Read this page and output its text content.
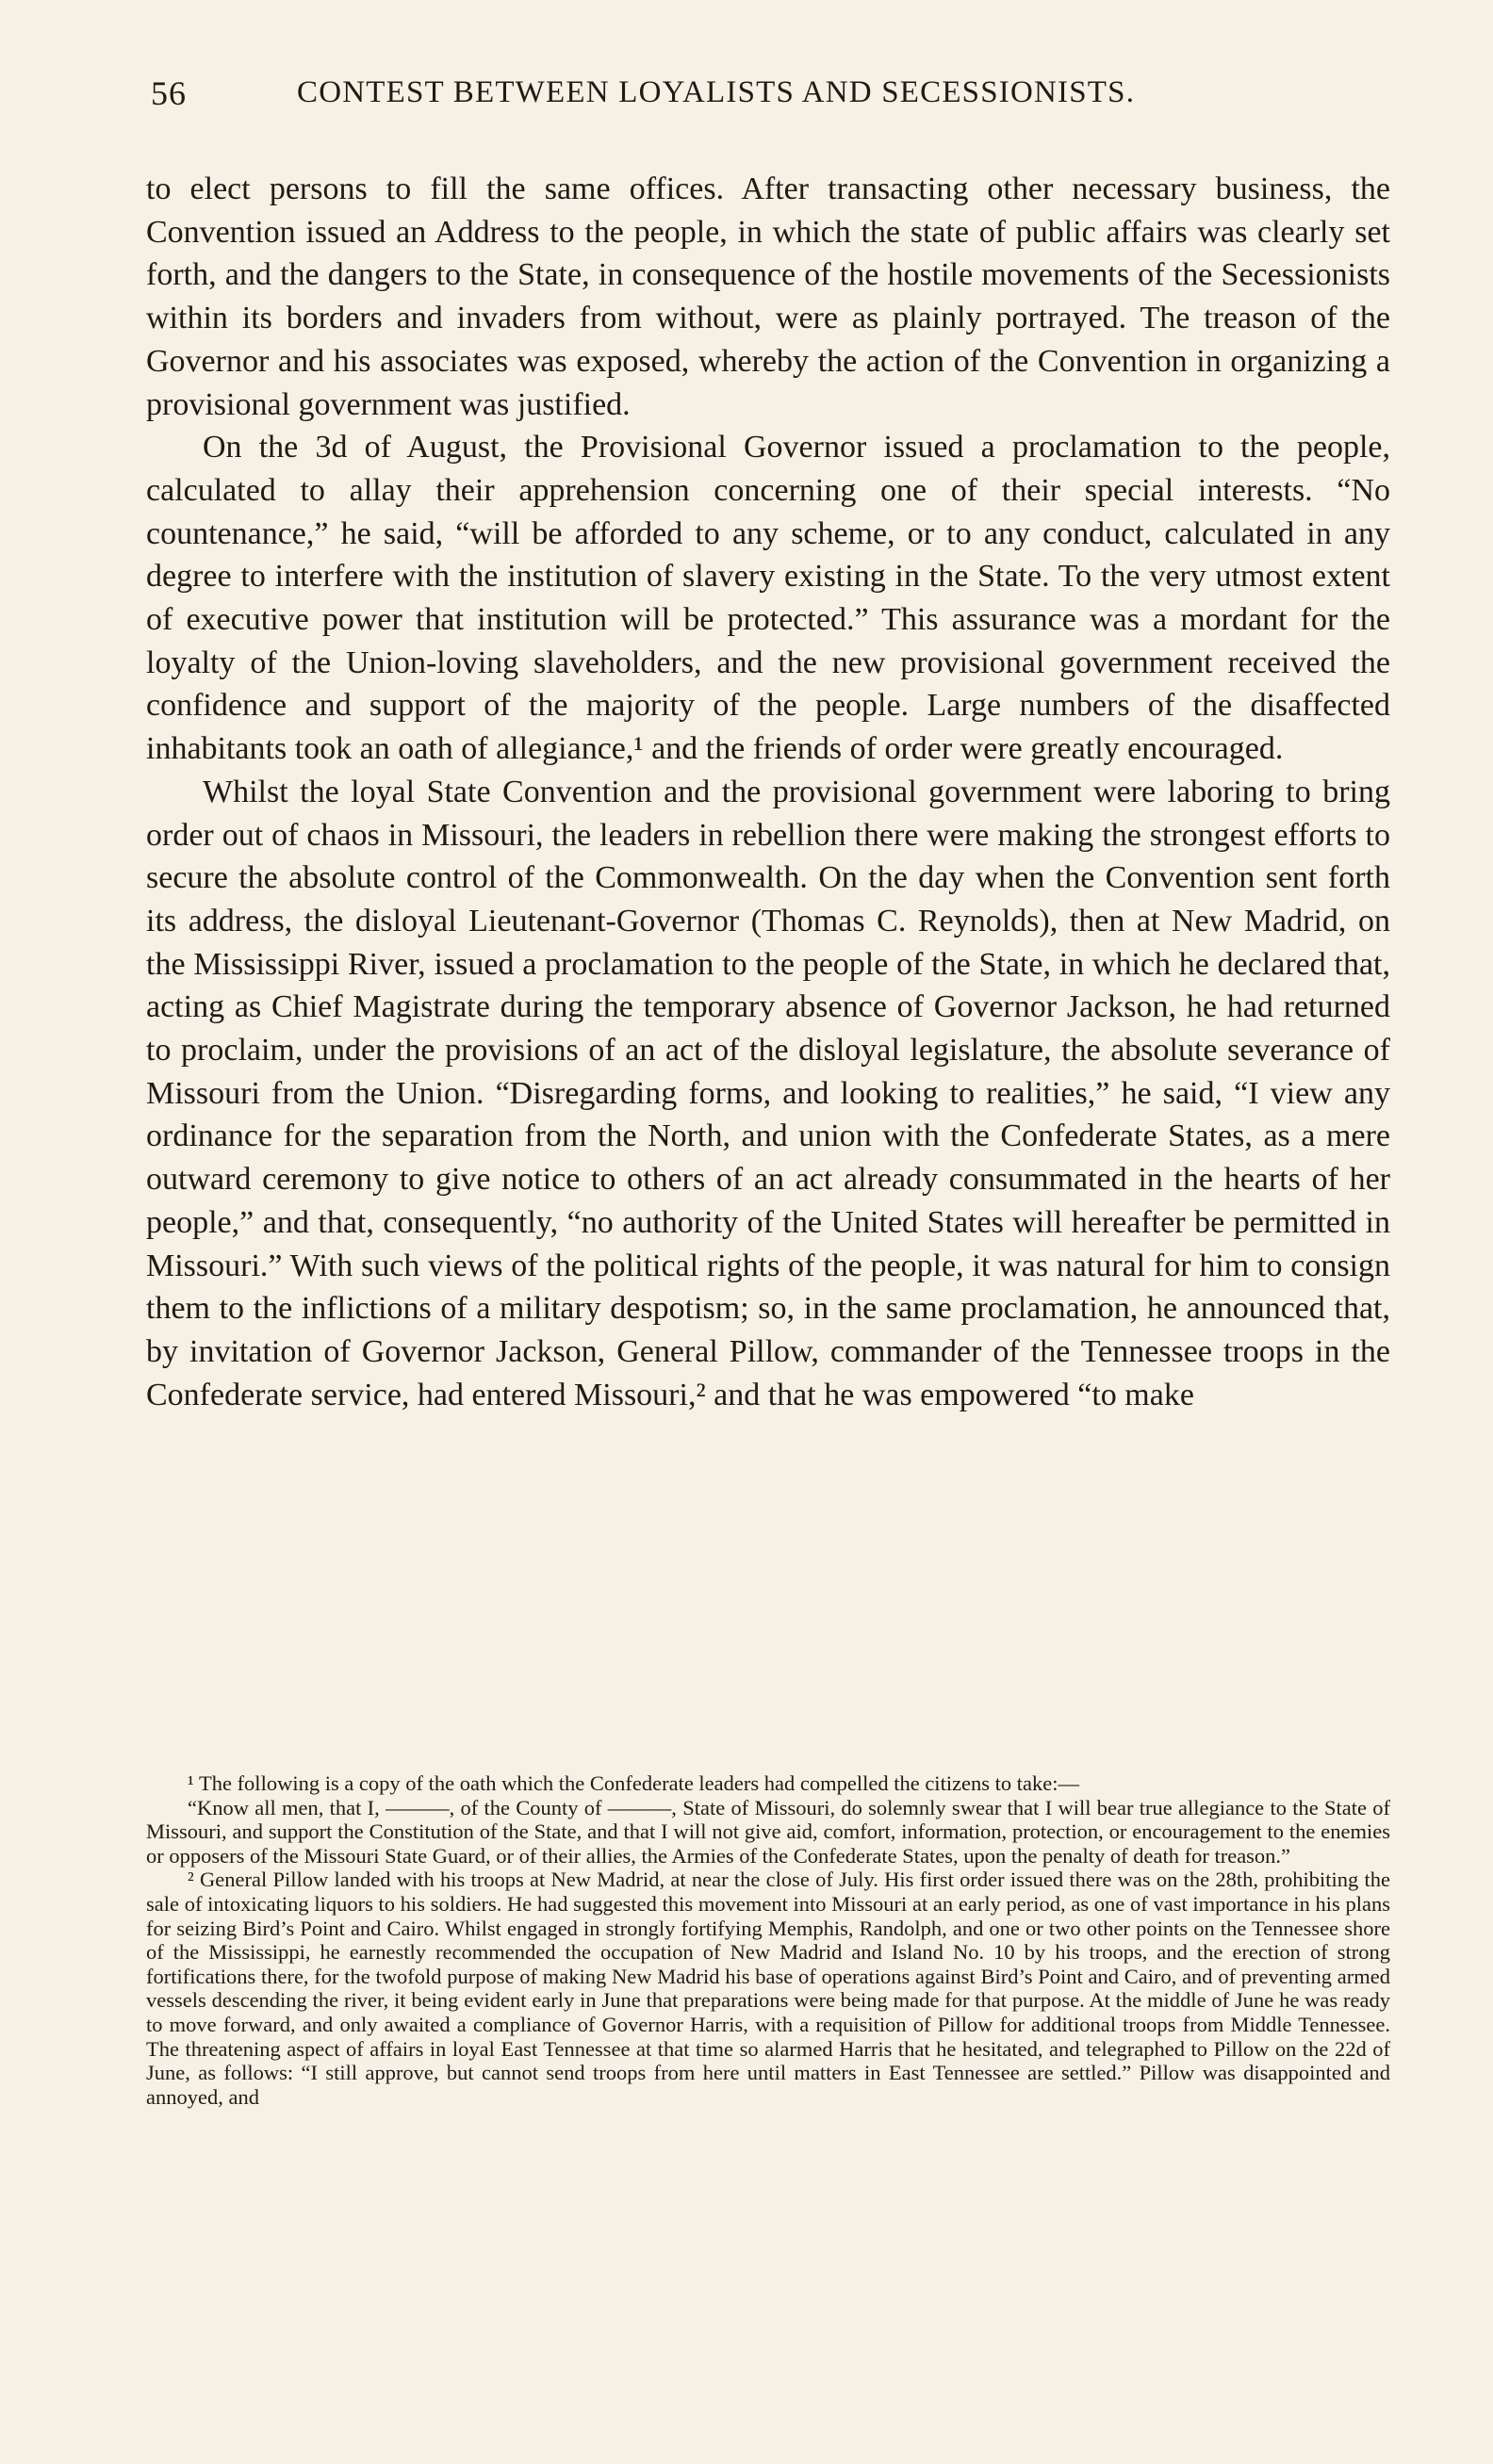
56	CONTEST BETWEEN LOYALISTS AND SECESSIONISTS.

to elect persons to fill the same offices. After transacting other necessary business, the Convention issued an Address to the people, in which the state of public affairs was clearly set forth, and the dangers to the State, in consequence of the hostile movements of the Secessionists within its borders and invaders from without, were as plainly portrayed. The treason of the Governor and his associates was exposed, whereby the action of the Convention in organizing a provisional government was justified.

On the 3d of August, the Provisional Governor issued a proclamation to the people, calculated to allay their apprehension concerning one of their special interests. “No countenance,” he said, “will be afforded to any scheme, or to any conduct, calculated in any degree to interfere with the institution of slavery existing in the State. To the very utmost extent of executive power that institution will be protected.” This assurance was a mordant for the loyalty of the Union-loving slaveholders, and the new provisional government received the confidence and support of the majority of the people. Large numbers of the disaffected inhabitants took an oath of allegiance,¹ and the friends of order were greatly encouraged.

Whilst the loyal State Convention and the provisional government were laboring to bring order out of chaos in Missouri, the leaders in rebellion there were making the strongest efforts to secure the absolute control of the Commonwealth. On the day when the Convention sent forth its address, the disloyal Lieutenant-Governor (Thomas C. Reynolds), then at New Madrid, on the Mississippi River, issued a proclamation to the people of the State, in which he declared that, acting as Chief Magistrate during the temporary absence of Governor Jackson, he had returned to proclaim, under the provisions of an act of the disloyal legislature, the absolute severance of Missouri from the Union. “Disregarding forms, and looking to realities,” he said, “I view any ordinance for the separation from the North, and union with the Confederate States, as a mere outward ceremony to give notice to others of an act already consummated in the hearts of her people,” and that, consequently, “no authority of the United States will hereafter be permitted in Missouri.” With such views of the political rights of the people, it was natural for him to consign them to the inflictions of a military despotism; so, in the same proclamation, he announced that, by invitation of Governor Jackson, General Pillow, commander of the Tennessee troops in the Confederate service, had entered Missouri,² and that he was empowered “to make

¹ The following is a copy of the oath which the Confederate leaders had compelled the citizens to take:—

“Know all men, that I, ———, of the County of ———, State of Missouri, do solemnly swear that I will bear true allegiance to the State of Missouri, and support the Constitution of the State, and that I will not give aid, comfort, information, protection, or encouragement to the enemies or opposers of the Missouri State Guard, or of their allies, the Armies of the Confederate States, upon the penalty of death for treason.”

² General Pillow landed with his troops at New Madrid, at near the close of July. His first order issued there was on the 28th, prohibiting the sale of intoxicating liquors to his soldiers. He had suggested this movement into Missouri at an early period, as one of vast importance in his plans for seizing Bird’s Point and Cairo. Whilst engaged in strongly fortifying Memphis, Randolph, and one or two other points on the Tennessee shore of the Mississippi, he earnestly recommended the occupation of New Madrid and Island No. 10 by his troops, and the erection of strong fortifications there, for the twofold purpose of making New Madrid his base of operations against Bird’s Point and Cairo, and of preventing armed vessels descending the river, it being evident early in June that preparations were being made for that purpose. At the middle of June he was ready to move forward, and only awaited a compliance of Governor Harris, with a requisition of Pillow for additional troops from Middle Tennessee. The threatening aspect of affairs in loyal East Tennessee at that time so alarmed Harris that he hesitated, and telegraphed to Pillow on the 22d of June, as follows: “I still approve, but cannot send troops from here until matters in East Tennessee are settled.” Pillow was disappointed and annoyed, and
